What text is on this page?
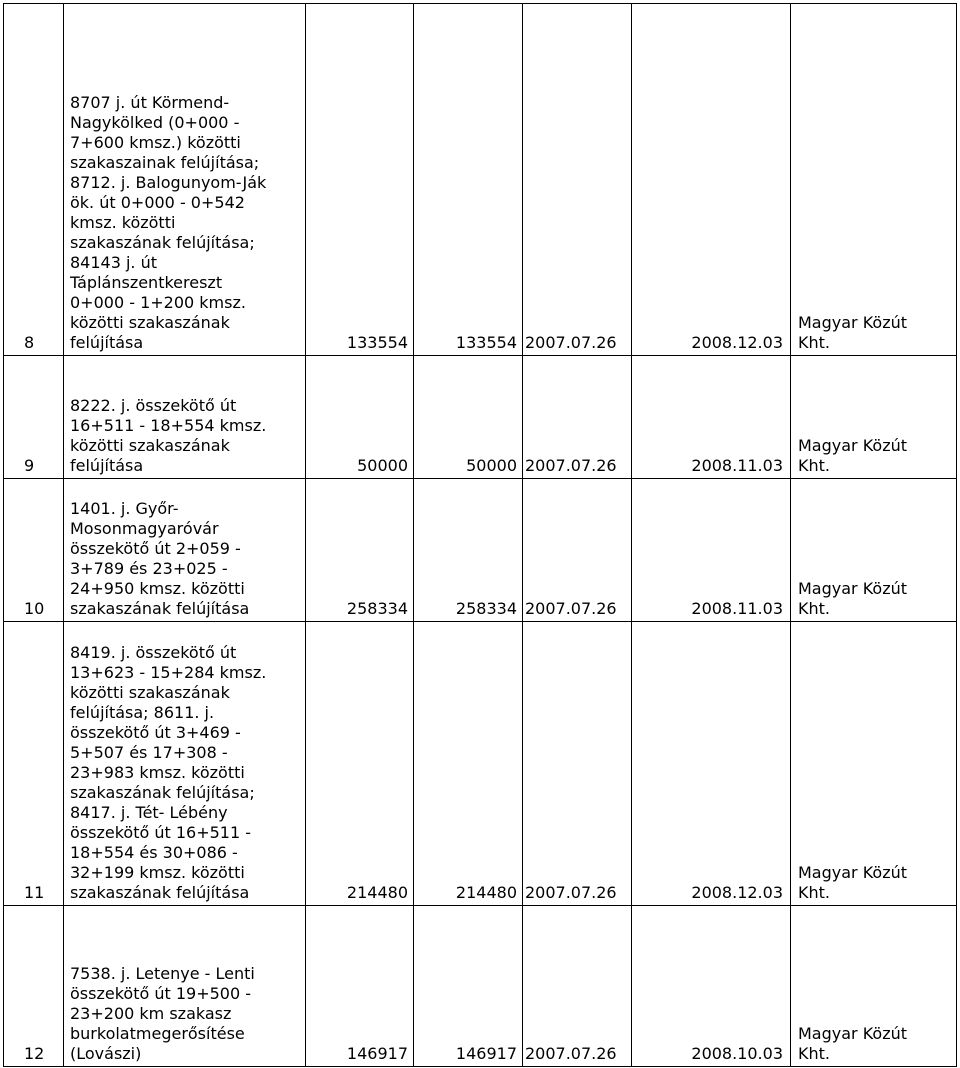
8
8707 j. út Körmend-
Nagykölked (0+000 -
7+600 kmsz.) közötti
szakaszainak felújítása;
8712. j. Balogunyom-Ják
ök. út 0+000 - 0+542
kmsz. közötti
szakaszának felújítása;
84143 j. út
Táplánszentkereszt
0+000 - 1+200 kmsz.
közötti szakaszának
felújítása	133554	133554 2007.07.26	2008.12.03
Magyar Közút
Kht.
9
8222. j. összekötő út
16+511 - 18+554 kmsz.
közötti szakaszának
felújítása	50000	50000 2007.07.26	2008.11.03
Magyar Közút
Kht.
10
1401. j. Győr-
Mosonmagyaróvár
összekötő út 2+059 -
3+789 és 23+025 -
24+950 kmsz. közötti
szakaszának felújítása	258334	258334 2007.07.26	2008.11.03
Magyar Közút
Kht.
11
8419. j. összekötő út
13+623 - 15+284 kmsz.
közötti szakaszának
felújítása; 8611. j.
összekötő út 3+469 -
5+507 és 17+308 -
23+983 kmsz. közötti
szakaszának felújítása;
8417. j. Tét- Lébény
összekötő út 16+511 -
18+554 és 30+086 -
32+199 kmsz. közötti
szakaszának felújítása	214480	214480 2007.07.26	2008.12.03
Magyar Közút
Kht.
12
7538. j. Letenye - Lenti
összekötő út 19+500 -
23+200 km szakasz
burkolatmegerősítése
(Lovászi)	146917	146917 2007.07.26	2008.10.03
Magyar Közút
Kht.
